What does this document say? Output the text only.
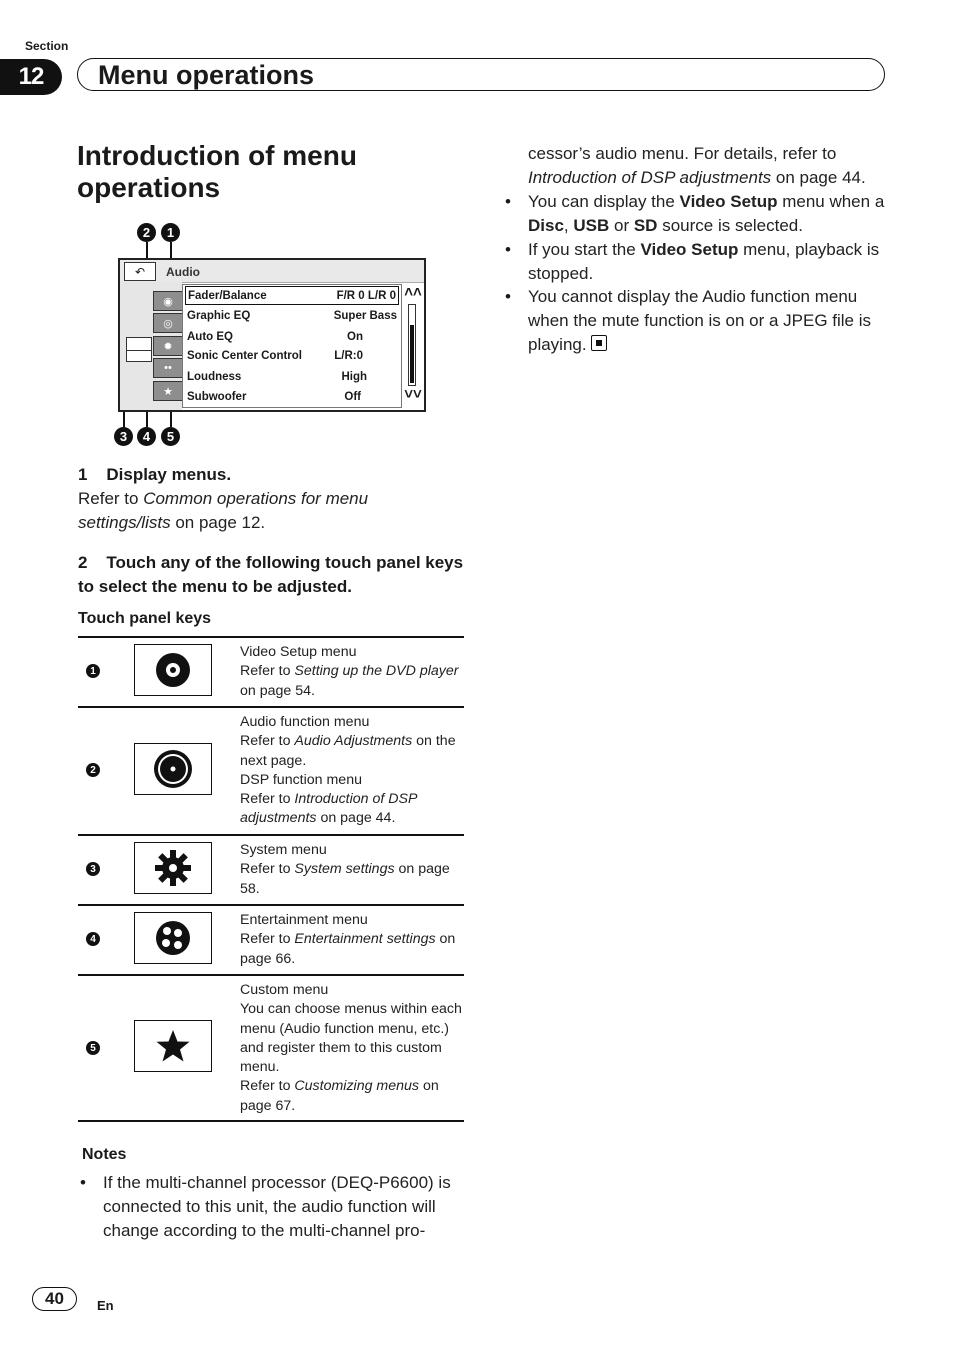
Section
12	Menu operations
Introduction of menu operations
2	1
3	4	5
↶	Audio
◉
◎
✹
••
★
Fader/Balance	F/R 0 L/R 0
Graphic EQ	Super Bass
Auto EQ	On
Sonic Center Control	L/R:0
Loudness	High
Subwoofer	Off
˄˄
˅˅
1 Display menus.
Refer to Common operations for menu settings/lists on page 12.
2 Touch any of the following touch panel keys to select the menu to be adjusted.
Touch panel keys
1
Video Setup menu
Refer to Setting up the DVD player on page 54.
2
Audio function menu
Refer to Audio Adjustments on the next page.
DSP function menu
Refer to Introduction of DSP adjustments on page 44.
3
System menu
Refer to System settings on page 58.
4
Entertainment menu
Refer to Entertainment settings on page 66.
5
Custom menu
You can choose menus within each menu (Audio function menu, etc.) and register them to this custom menu.
Refer to Customizing menus on page 67.
Notes
• If the multi-channel processor (DEQ-P6600) is connected to this unit, the audio function will change according to the multi-channel pro-
cessor’s audio menu. For details, refer to Introduction of DSP adjustments on page 44.
• You can display the Video Setup menu when a Disc, USB or SD source is selected.
• If you start the Video Setup menu, playback is stopped.
• You cannot display the Audio function menu when the mute function is on or a JPEG file is playing.
40	En
